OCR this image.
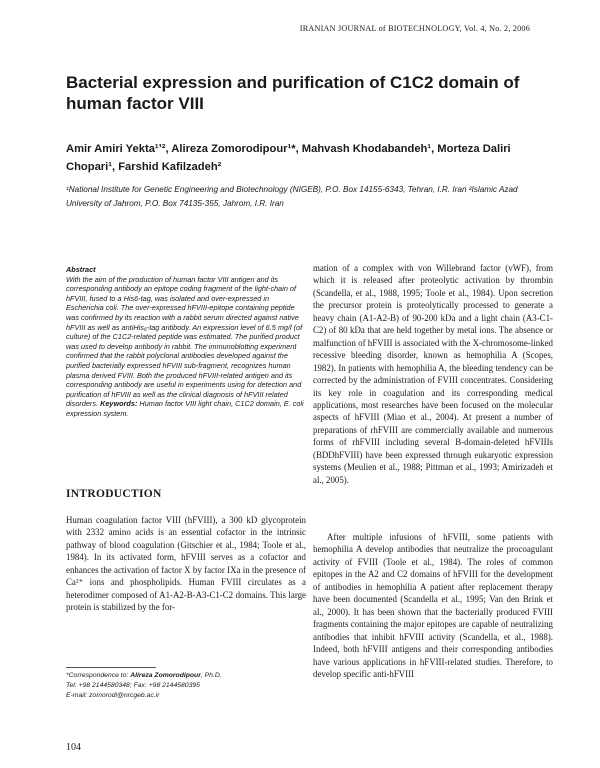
IRANIAN JOURNAL of BIOTECHNOLOGY, Vol. 4, No. 2, 2006
Bacterial expression and purification of C1C2 domain of human factor VIII
Amir Amiri Yekta¹ʼ², Alireza Zomorodipour¹*, Mahvash Khodabandeh¹, Morteza Daliri Chopari¹, Farshid Kafilzadeh²
¹National Institute for Genetic Engineering and Biotechnology (NIGEB), P.O. Box 14155-6343, Tehran, I.R. Iran ²Islamic Azad University of Jahrom, P.O. Box 74135-355, Jahrom, I.R. Iran
Abstract
With the aim of the production of human factor VIII antigen and its corresponding antibody an epitope coding fragment of the light-chain of hFVIII, fused to a His6-tag, was isolated and over-expressed in Escherichia coli. The over-expressed hFVIII-epitope containing peptide was confirmed by its reaction with a rabbit serum directed against native hFVIII as well as antiHis₆-tag antibody. An expression level of 6.5 mg/l (of culture) of the C1C2-related peptide was estimated. The purified product was used to develop antibody in rabbit. The immunoblotting experiment confirmed that the rabbit polyclonal antibodies developed against the purified bacterially expressed hFVIII sub-fragment, recognizes human plasma derived FVIII. Both the produced hFVIII-related antigen and its corresponding antibody are useful in experiments using for detection and purification of hFVIII as well as the clinical diagnosis of hFVIII related disorders. Keywords: Human factor VIII light chain, C1C2 domain, E. coli expression system.
INTRODUCTION

Human coagulation factor VIII (hFVIII), a 300 kD glycoprotein with 2332 amino acids is an essential cofactor in the intrinsic pathway of blood coagulation (Gitschier et al., 1984; Toole et al., 1984). In its activated form, hFVIII serves as a cofactor and enhances the activation of factor X by factor IXa in the presence of Ca²⁺ ions and phospholipids. Human FVIII circulates as a heterodimer composed of A1-A2-B-A3-C1-C2 domains. This large protein is stabilized by the for-

mation of a complex with von Willebrand factor (vWF), from which it is released after proteolytic activation by thrombin (Scandella, et al., 1988, 1995; Toole et al., 1984). Upon secretion the precursor protein is proteolytically processed to generate a heavy chain (A1-A2-B) of 90-200 kDa and a light chain (A3-C1-C2) of 80 kDa that are held together by metal ions. The absence or malfunction of hFVIII is associated with the X-chromosome-linked recessive bleeding disorder, known as hemophilia A (Scopes, 1982). In patients with hemophilia A, the bleeding tendency can be corrected by the administration of FVIII concentrates. Considering its key role in coagulation and its corresponding medical applications, most researches have been focused on the molecular aspects of hFVIII (Miao et al., 2004). At present a number of preparations of rhFVIII are commercially available and numerous forms of rhFVIII including several B-domain-deleted hFVIIIs (BDDhFVIII) have been expressed through eukaryotic expression systems (Meulien et al., 1988; Pittman et al., 1993; Amirizadeh et al., 2005).

After multiple infusions of hFVIII, some patients with hemophilia A develop antibodies that neutralize the procoagulant activity of FVIII (Toole et al., 1984). The roles of common epitopes in the A2 and C2 domains of hFVIII for the development of antibodies in hemophilia A patient after replacement therapy have been documented (Scandella et al., 1995; Van den Brink et al., 2000). It has been shown that the bacterially produced FVIII fragments containing the major epitopes are capable of neutralizing antibodies that inhibit hFVIII activity (Scandella, et al., 1988). Indeed, both hFVIII antigens and their corresponding antibodies have various applications in hFVIII-related studies. Therefore, to develop specific anti-hFVIII

*Correspondence to: Alireza Zomorodipour, Ph.D.
Tel: +98 2144580348; Fax: +98 2144580395
E-mail: zomorodi@nrcgeb.ac.ir
104
